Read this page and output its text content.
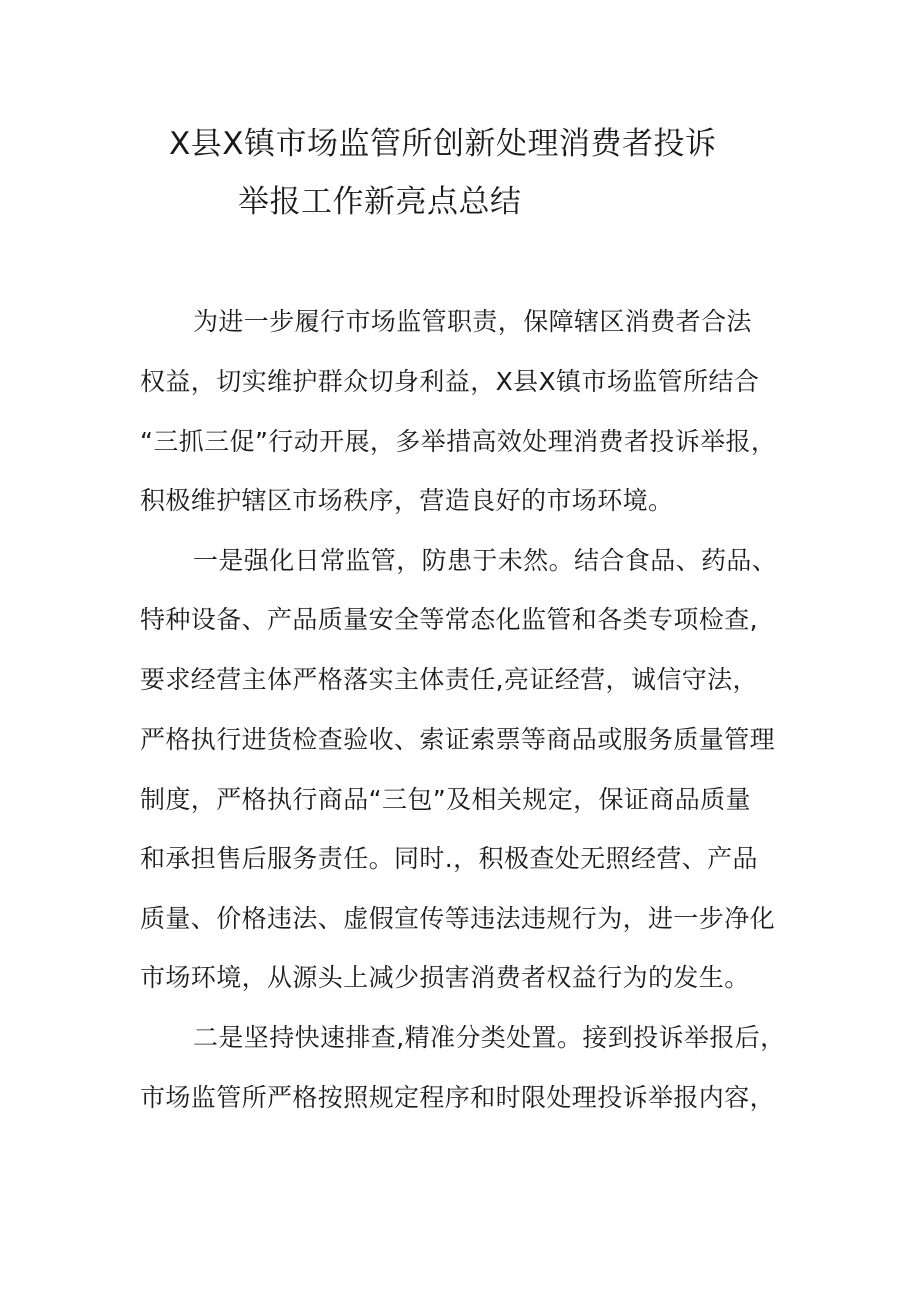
X县X镇市场监管所创新处理消费者投诉
举报工作新亮点总结
为进一步履行市场监管职责，保障辖区消费者合法
权益，切实维护群众切身利益，X县X镇市场监管所结合
“三抓三促”行动开展，多举措高效处理消费者投诉举报，
积极维护辖区市场秩序，营造良好的市场环境。
一是强化日常监管，防患于未然。结合食品、药品、
特种设备、产品质量安全等常态化监管和各类专项检查,
要求经营主体严格落实主体责任,亮证经营，诚信守法，
严格执行进货检查验收、索证索票等商品或服务质量管理
制度，严格执行商品“三包”及相关规定，保证商品质量
和承担售后服务责任。同时.，积极查处无照经营、产品
质量、价格违法、虚假宣传等违法违规行为，进一步净化
市场环境，从源头上减少损害消费者权益行为的发生。
二是坚持快速排查,精准分类处置。接到投诉举报后，
市场监管所严格按照规定程序和时限处理投诉举报内容，
